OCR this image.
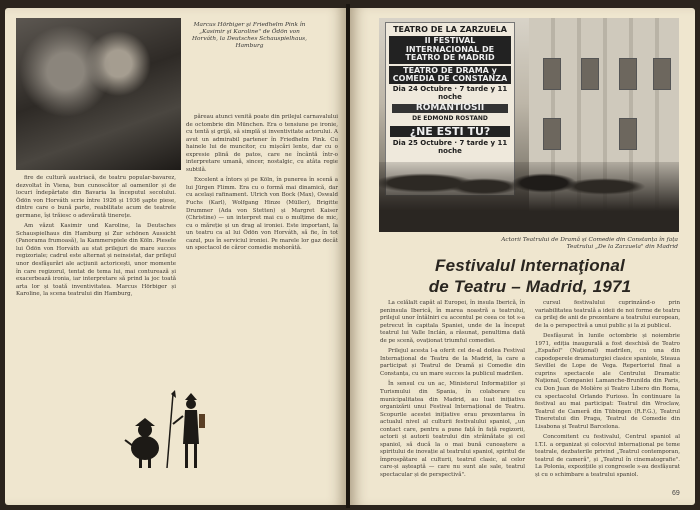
Marcus Hörbiger şi Friedhelm Pink în „Kasimir şi Karoline" de Ödön von Horváth, la Deutsches Schauspielhaus, Hamburg

fire de cultură austriacă, de teatru popular-bavarez, dezvoltat în Viena, bun cunoscător al oamenilor și de locuri îndepărtate din Bavaria la începutul secolului. Ödön von Horváth scrie între 1926 și 1936 şapte piese, dintre care o bună parte, reabilitate acum de teatrele germane, își trăiesc o adevărată tinerețe.

Am văzut Kasimir und Karoline, la Deutsches Schauspielhaus din Hamburg și Zur schönen Aussicht (Panorama frumoasă), la Kammerspiele din Köln. Piesele lui Ödön von Horváth au stat prilejuri de mare succes regizoriale; cadrul este alternat și neinsistat, dar prilejul unor desfăşurări ale acțiunii actoricești, unor momente în care regizorul, tentat de tema lui, mai conturează și exacerbează ironia, iar interpretare să prind la joc toată arta lor și toată inventivitatea. Marcus Hörbiger și Karoline, la scena teatrului din Hamburg,

păreau atunci venită poate din prilejul carnavalului de octombrie din München. Era o tensiune pe ironie, cu tentă și grijă, să simplă și inventivitate actorului. A avut un admirabil partener în Friedhelm Pink. Cu hainele lui de muncitor, cu mișcări lente, dar cu o expresie plină de patos, care ne încântă într-o interpretare umană, sincer, nostalgic, cu atâta regie subtilă.

Excelent a întors și pe Köln, în punerea în scenă a lui Jürgen Flimm. Era cu o formă mai dinamică, dar cu același rafinament. Ulrich von Bock (Max), Oswald Fuchs (Karl), Wolfgang Hinze (Müller), Brigitte Drummer (Ada von Stetten) și Margret Kaiser (Christine) — un interpret mai cu o mulțime de mic, cu o măreție și un drag al ironiei. Este important, la un teatru ca al lui Ödön von Horváth, să fie, în tot cazul, pus în serviciul ironiei. Pe marele lor gaz decât un spectacol de căror comedie mohorâtă.

TEATRO DE LA ZARZUELA
II FESTIVAL INTERNACIONAL DE TEATRO DE MADRID
TEATRO DE DRAMA y COMEDIA DE CONSTANZA
Dia 24 Octubre · 7 tarde y 11 noche
ROMANTIOSII
DE EDMOND ROSTAND
¿NE ESTI TU?
Dia 25 Octubre · 7 tarde y 11 noche
Actorii Teatrului de Dramă și Comedie din Constanța în fața Teatrului „De la Zarzuela" din Madrid
Festivalul Internaţional
de Teatru – Madrid, 1971

La celălalt capăt al Europei, în insula Iberică, în peninsula Iberică, în marea noastră a teatrului, prilejul unor întâlniri cu accentul pe ceea ce tot s-a petrecut în capitala Spaniei, unde de la început teatrul lui Valle Inclán, a răsunat, penultima dată de pe scenă, ovaționat triumful comediei.

Prilejul acesta l-a oferit cel de-al doilea Festival Internațional de Teatru de la Madrid, la care a participat și Teatrul de Dramă și Comedie din Constanța, cu un mare succes la publicul madrilen.

În sensul cu un ac, Ministerul Informațiilor și Turismului din Spania, în colaborare cu municipalitatea din Madrid, au luat inițiativa organizării unui Festival Internațional de Teatru. Scopurile acestei inițiative erau prezentarea în actualul nivel al culturii festivalului spaniol, „un contact care, pentru a pune față în față regizorii, actorii și autorii teatrului din străinătate și cel spaniol, să ducă la o mai bună cunoaștere a spiritului de inovație al teatrului spaniol, spiritul de împrospătare al culturii, teatrul clasic, al celor care-și așteaptă — care nu sunt ale sale, teatrul spectacular și de perspectivă".

cursul festivalului cuprinzând-o prin variabilitatea teatrală a ideii de noi forme de teatru ca prilej de anii de prezentare a teatrului european, de la o perspectivă a unui public și la zi publicul.

Desfășurat în lunile octombrie și noiembrie 1971, ediția inaugurală a fost deschisă de Teatro „Español" (Național) madrilen, cu una din capodoperele dramaturgiei clasice spaniole, Steaua Sevillei de Lope de Vega. Repertoriul final a cuprins spectacole ale Centrului Dramatic Național, Companiei Lamanche-Brunilda din Paris, cu Don Juan de Molière și Teatro Libero din Roma, cu spectacolul Orlando Furioso. În continuare la festival au mai participat: Teatrul din Wroclaw, Teatrul de Cameră din Tübingen (R.F.G.), Teatrul Tineretului din Praga, Teatrul de Comedie din Lisabona și Teatrul Barcelona.

Concomitent cu festivalul, Centrul spaniol al I.T.I. a organizat și colocviul internațional pe teme teatrale, dezbaterile privind „Teatrul contemporan, teatrul de cameră", și „Teatrul în cinematografie". La Polonia, expozițiile și congresele s-au desfășurat și cu o schimbare a teatrului spaniol.

69
